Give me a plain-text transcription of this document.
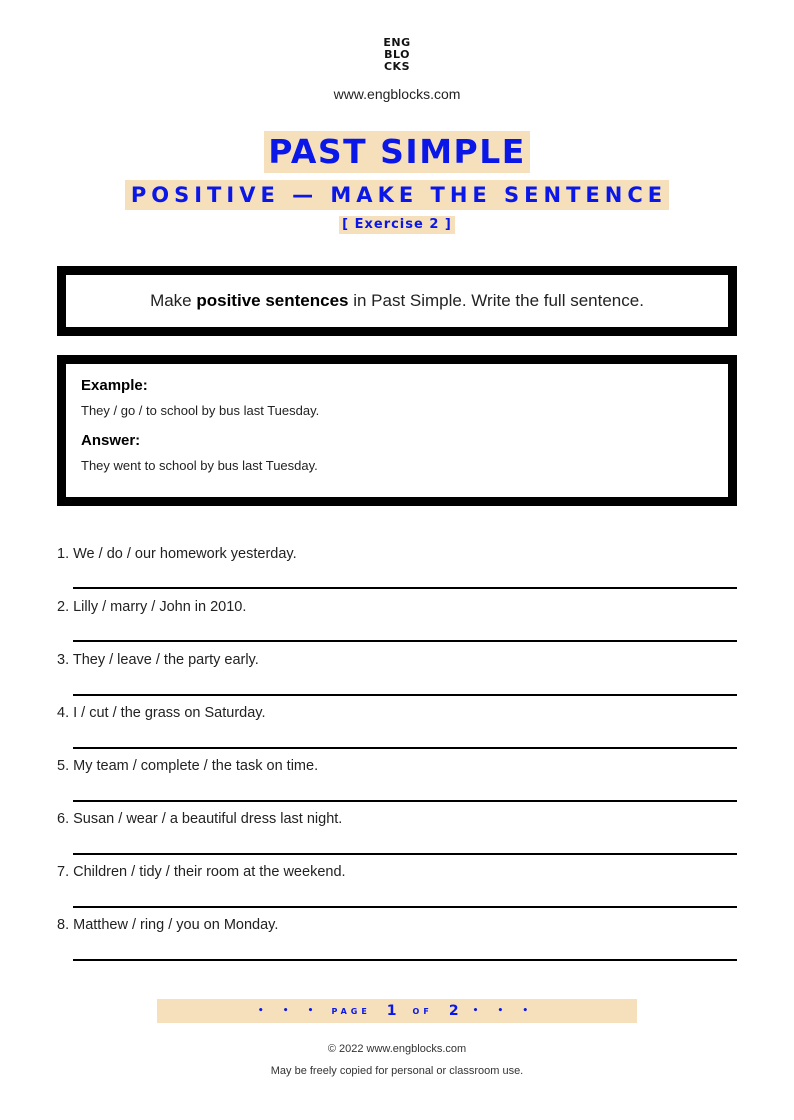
ENG
BLO
CKS
www.engblocks.com
PAST SIMPLE
POSITIVE — MAKE THE SENTENCE
[ Exercise 2 ]
Make positive sentences in Past Simple. Write the full sentence.
Example:
They / go / to school by bus last Tuesday.
Answer:
They went to school by bus last Tuesday.
1. We / do / our homework yesterday.
2. Lilly / marry / John in 2010.
3. They / leave / the party early.
4. I / cut / the grass on Saturday.
5. My team / complete / the task on time.
6. Susan / wear / a beautiful dress last night.
7. Children / tidy / their room at the weekend.
8. Matthew / ring / you on Monday.
• • • PAGE 1 OF 2 • • •
© 2022 www.engblocks.com
May be freely copied for personal or classroom use.
